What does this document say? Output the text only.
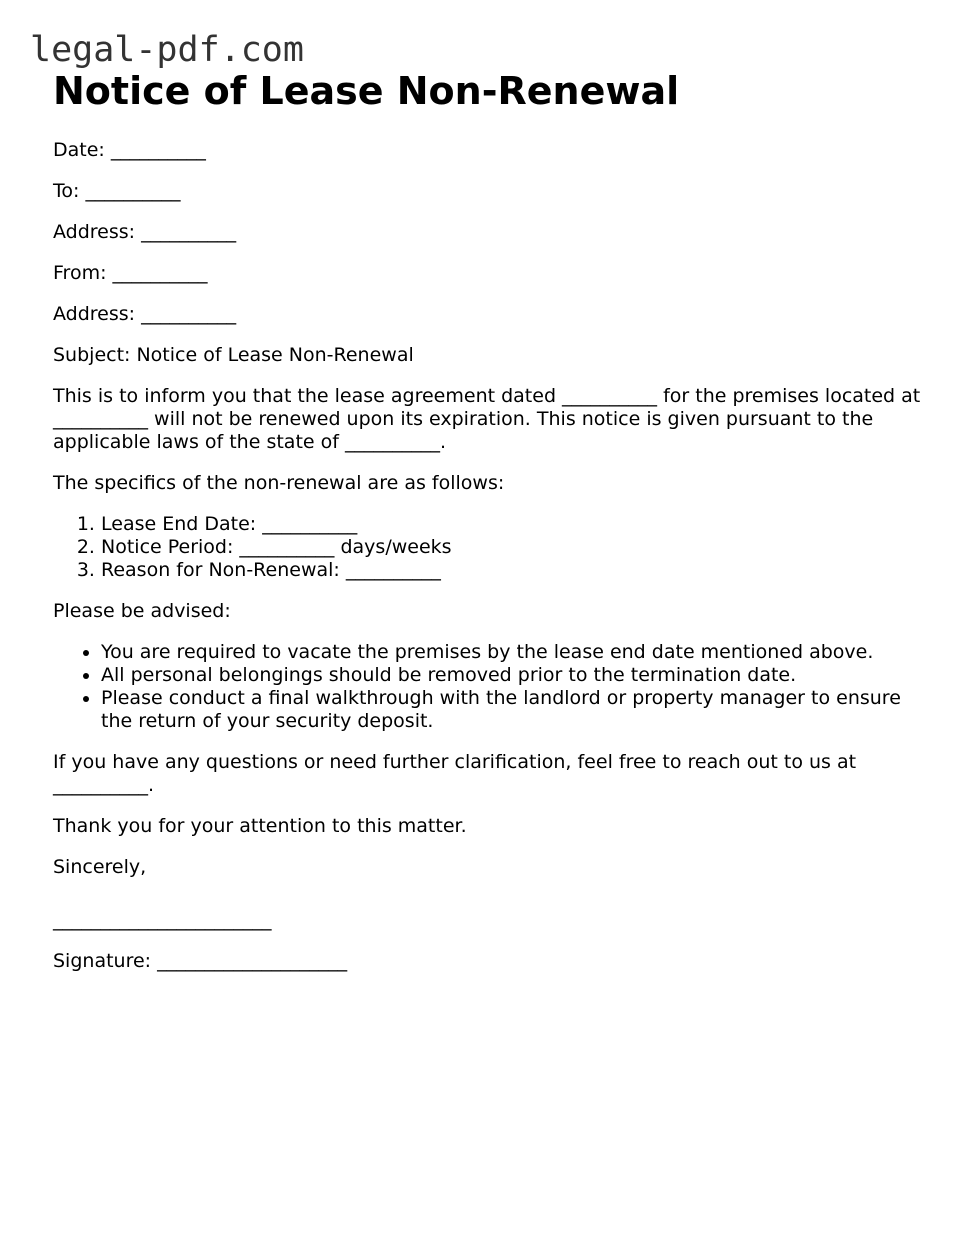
legal-pdf.com
Notice of Lease Non-Renewal

Date: __________

To: __________

Address: __________

From: __________

Address: __________

Subject: Notice of Lease Non-Renewal

This is to inform you that the lease agreement dated __________ for the premises located at __________ will not be renewed upon its expiration. This notice is given pursuant to the applicable laws of the state of __________.

The specifics of the non-renewal are as follows:

1. Lease End Date: __________
2. Notice Period: __________ days/weeks
3. Reason for Non-Renewal: __________

Please be advised:

• You are required to vacate the premises by the lease end date mentioned above.
• All personal belongings should be removed prior to the termination date.
• Please conduct a final walkthrough with the landlord or property manager to ensure the return of your security deposit.

If you have any questions or need further clarification, feel free to reach out to us at __________.

Thank you for your attention to this matter.

Sincerely,

_______________________

Signature: ____________________
